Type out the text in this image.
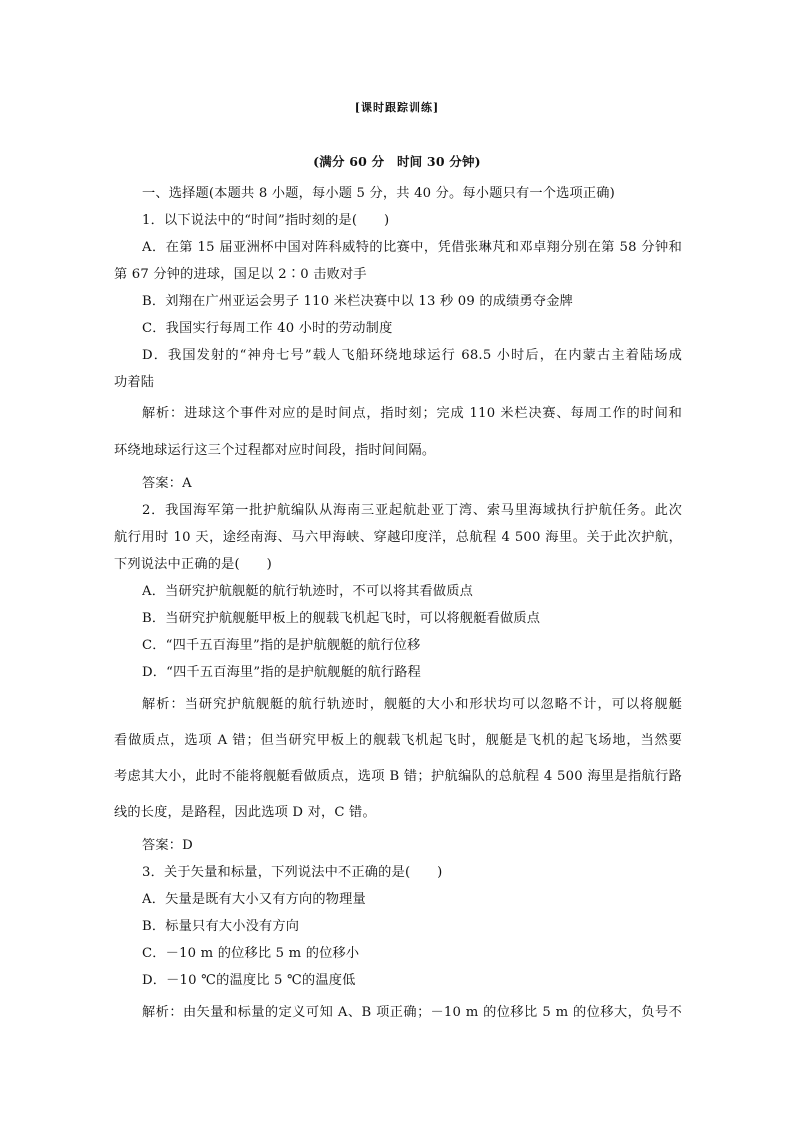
[课时跟踪训练]
(满分 60 分　时间 30 分钟)
一、选择题(本题共 8 小题，每小题 5 分，共 40 分。每小题只有一个选项正确)
1．以下说法中的“时间”指时刻的是(　　)
A．在第 15 届亚洲杯中国对阵科威特的比赛中，凭借张琳芃和邓卓翔分别在第 58 分钟和
第 67 分钟的进球，国足以 2∶0 击败对手
B．刘翔在广州亚运会男子 110 米栏决赛中以 13 秒 09 的成绩勇夺金牌
C．我国实行每周工作 40 小时的劳动制度
D．我国发射的“神舟七号”载人飞船环绕地球运行 68.5 小时后，在内蒙古主着陆场成
功着陆
解析：进球这个事件对应的是时间点，指时刻；完成 110 米栏决赛、每周工作的时间和
环绕地球运行这三个过程都对应时间段，指时间间隔。
答案：A
2．我国海军第一批护航编队从海南三亚起航赴亚丁湾、索马里海域执行护航任务。此次
航行用时 10 天，途经南海、马六甲海峡、穿越印度洋，总航程 4 500 海里。关于此次护航，
下列说法中正确的是(　　)
A．当研究护航舰艇的航行轨迹时，不可以将其看做质点
B．当研究护航舰艇甲板上的舰载飞机起飞时，可以将舰艇看做质点
C．“四千五百海里”指的是护航舰艇的航行位移
D．“四千五百海里”指的是护航舰艇的航行路程
解析：当研究护航舰艇的航行轨迹时，舰艇的大小和形状均可以忽略不计，可以将舰艇
看做质点，选项 A 错；但当研究甲板上的舰载飞机起飞时，舰艇是飞机的起飞场地，当然要
考虑其大小，此时不能将舰艇看做质点，选项 B 错；护航编队的总航程 4 500 海里是指航行路
线的长度，是路程，因此选项 D 对，C 错。
答案：D
3．关于矢量和标量，下列说法中不正确的是(　　)
A．矢量是既有大小又有方向的物理量
B．标量只有大小没有方向
C．－10 m 的位移比 5 m 的位移小
D．－10 ℃的温度比 5 ℃的温度低
解析：由矢量和标量的定义可知 A、B 项正确；－10 m 的位移比 5 m 的位移大，负号不
